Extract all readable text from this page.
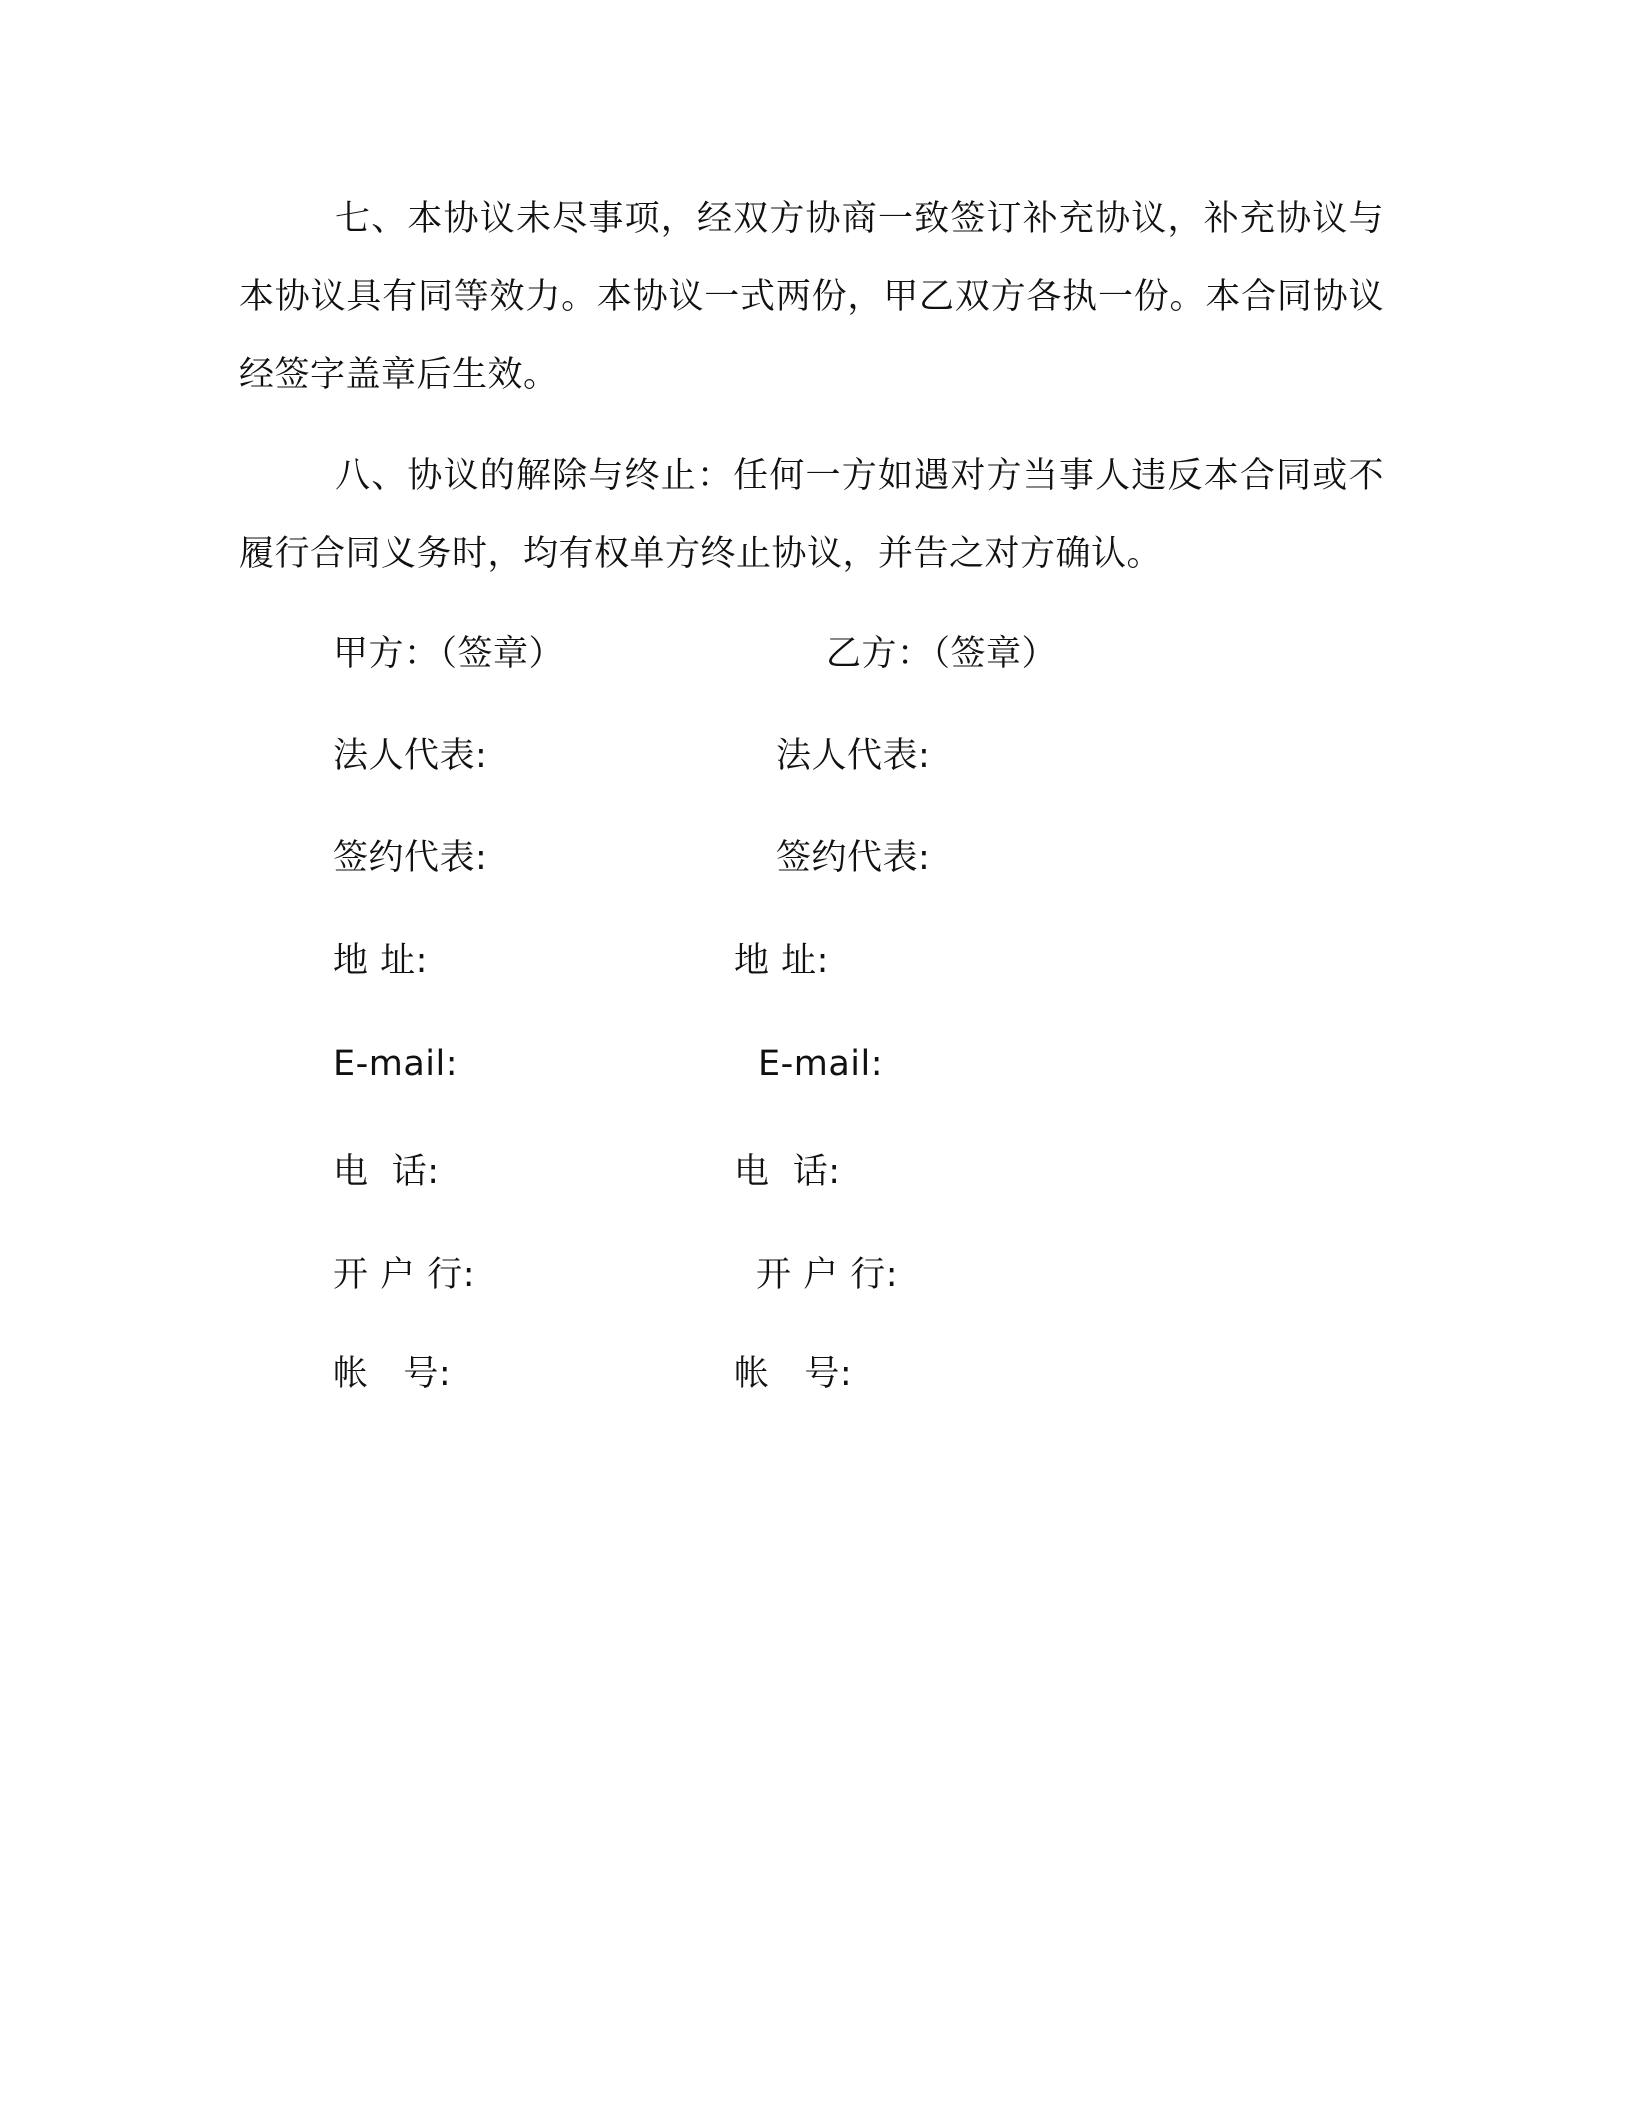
七、本协议未尽事项，经双方协商一致签订补充协议，补充协议与本协议具有同等效力。本协议一式两份，甲乙双方各执一份。本合同协议经签字盖章后生效。

八、协议的解除与终止：任何一方如遇对方当事人违反本合同或不履行合同义务时，均有权单方终止协议，并告之对方确认。

甲方：（签章）
法人代表:
签约代表:
地 址:
E-mail:
电  话:
开 户 行:
帐   号:
乙方：（签章）
法人代表:
签约代表:
地 址:
E-mail:
电  话:
开 户 行:
帐   号:
